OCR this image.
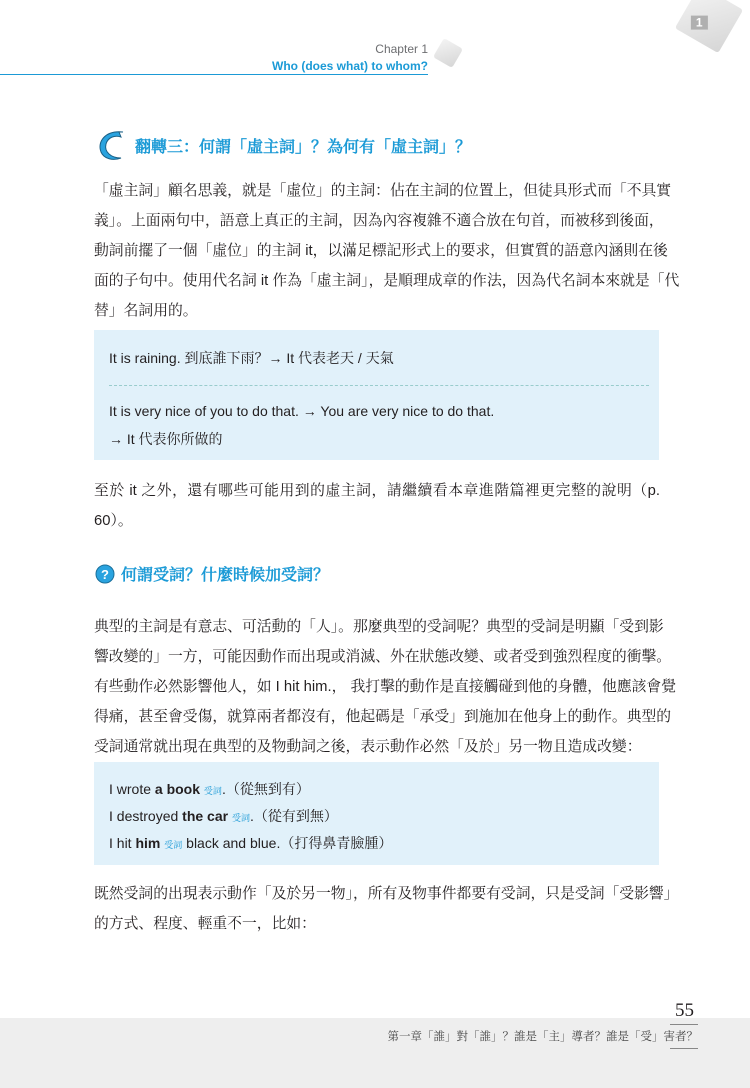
1
Chapter 1
Who (does what) to whom?
翻轉三：何謂「虛主詞」？為何有「虛主詞」？
「虛主詞」顧名思義，就是「虛位」的主詞：佔在主詞的位置上，但徒具形式而「不具實
義」。上面兩句中，語意上真正的主詞，因為內容複雜不適合放在句首，而被移到後面，
動詞前擺了一個「虛位」的主詞 it，以滿足標記形式上的要求，但實質的語意內涵則在後
面的子句中。使用代名詞 it 作為「虛主詞」，是順理成章的作法，因為代名詞本來就是「代
替」名詞用的。
It is raining. 到底誰下雨？→ It 代表老天 / 天氣
It is very nice of you to do that. → You are very nice to do that.
→ It 代表你所做的
至於 it 之外，還有哪些可能用到的虛主詞，請繼續看本章進階篇裡更完整的說明（p.
60）。
? 何謂受詞？什麼時候加受詞？
典型的主詞是有意志、可活動的「人」。那麼典型的受詞呢？典型的受詞是明顯「受到影
響改變的」一方，可能因動作而出現或消滅、外在狀態改變、或者受到強烈程度的衝擊。
有些動作必然影響他人，如 I hit him.， 我打擊的動作是直接觸碰到他的身體，他應該會覺
得痛，甚至會受傷，就算兩者都沒有，他起碼是「承受」到施加在他身上的動作。典型的
受詞通常就出現在典型的及物動詞之後，表示動作必然「及於」另一物且造成改變：
I wrote a book 受詞.（從無到有）
I destroyed the car 受詞.（從有到無）
I hit him 受詞 black and blue.（打得鼻青臉腫）
既然受詞的出現表示動作「及於另一物」，所有及物事件都要有受詞，只是受詞「受影響」
的方式、程度、輕重不一，比如：
55
第一章「誰」對「誰」？誰是「主」導者？誰是「受」害者？
